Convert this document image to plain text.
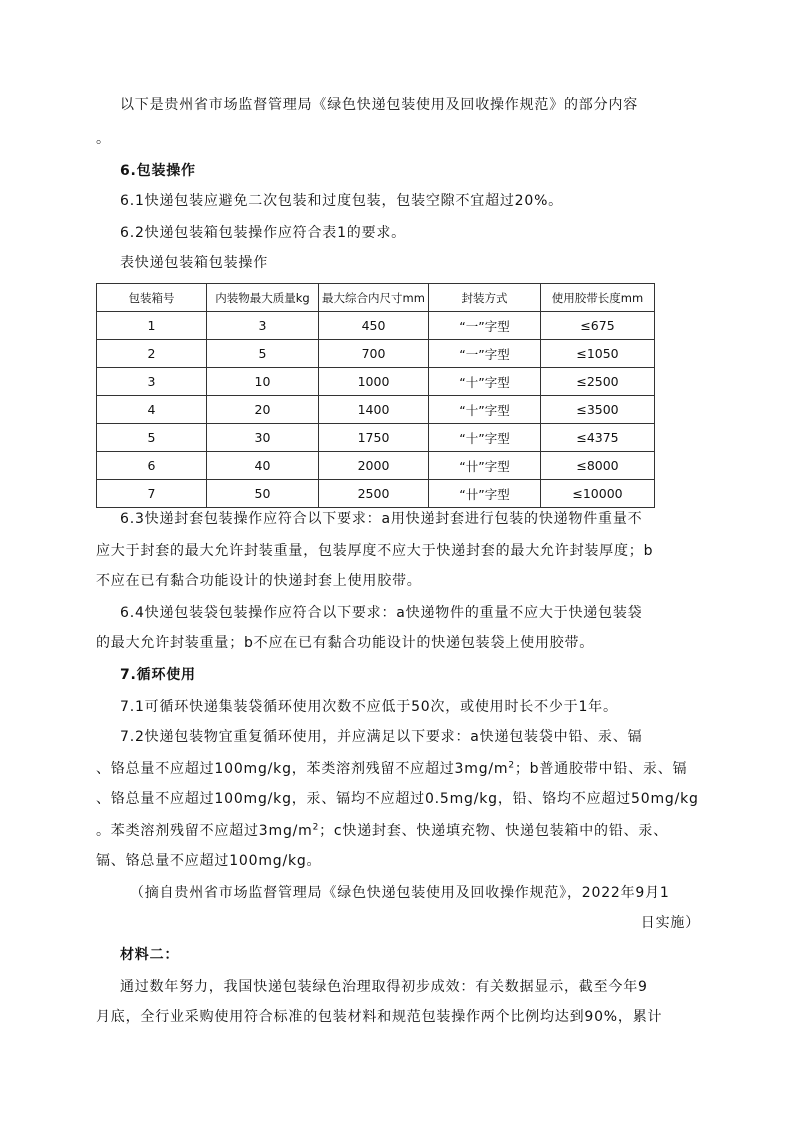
以下是贵州省市场监督管理局《绿色快递包装使用及回收操作规范》的部分内容

。

6.包装操作

6.1快递包装应避免二次包装和过度包装，包装空隙不宜超过20%。

6.2快递包装箱包装操作应符合表1的要求。

表快递包装箱包装操作

包装箱号	内装物最大质量kg	最大综合内尺寸mm	封装方式	使用胶带长度mm
1	3	450	“一”字型	≤675
2	5	700	“一”字型	≤1050
3	10	1000	“十”字型	≤2500
4	20	1400	“十”字型	≤3500
5	30	1750	“十”字型	≤4375
6	40	2000	“卄”字型	≤8000
7	50	2500	“卄”字型	≤10000

6.3快递封套包装操作应符合以下要求：a用快递封套进行包装的快递物件重量不

应大于封套的最大允许封装重量，包装厚度不应大于快递封套的最大允许封装厚度；b

不应在已有黏合功能设计的快递封套上使用胶带。

6.4快递包装袋包装操作应符合以下要求：a快递物件的重量不应大于快递包装袋

的最大允许封装重量；b不应在已有黏合功能设计的快递包装袋上使用胶带。

7.循环使用

7.1可循环快递集装袋循环使用次数不应低于50次，或使用时长不少于1年。

7.2快递包装物宜重复循环使用，并应满足以下要求：a快递包装袋中铅、汞、镉

、铬总量不应超过100mg/kg，苯类溶剂残留不应超过$3mg/m^2$；b普通胶带中铅、汞、镉

、铬总量不应超过100mg/kg，汞、镉均不应超过0.5mg/kg，铅、铬均不应超过50mg/kg

。苯类溶剂残留不应超过$3mg/m^2$；c快递封套、快递填充物、快递包装箱中的铅、汞、

镉、铬总量不应超过100mg/kg。

（摘自贵州省市场监督管理局《绿色快递包装使用及回收操作规范》，2022年9月1

日实施）

材料二：

通过数年努力，我国快递包装绿色治理取得初步成效：有关数据显示，截至今年9

月底，全行业采购使用符合标准的包装材料和规范包装操作两个比例均达到90%，累计
